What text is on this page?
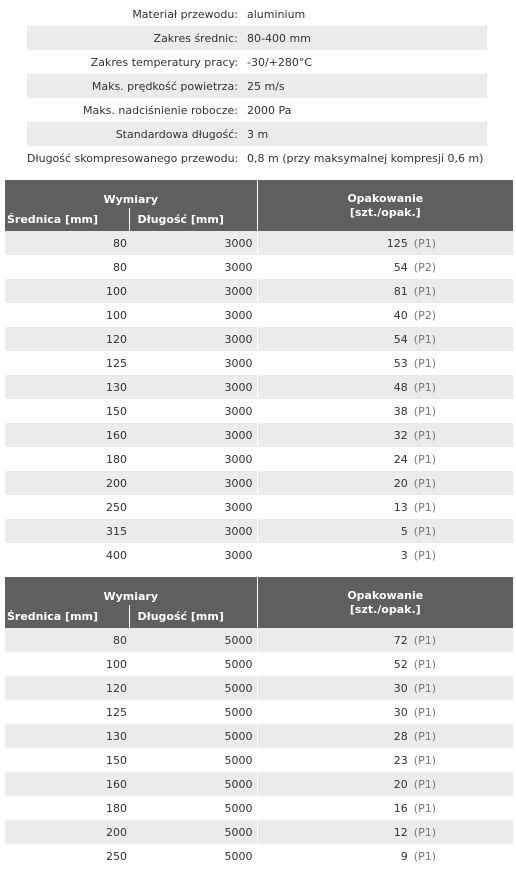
Materiał przewodu: aluminium
Zakres średnic: 80-400 mm
Zakres temperatury pracy: -30/+280°C
Maks. prędkość powietrza: 25 m/s
Maks. nadciśnienie robocze: 2000 Pa
Standardowa długość: 3 m
Długość skompresowanego przewodu: 0,8 m (przy maksymalnej kompresji 0,6 m)
Wymiary		Opakowanie
[szt./opak.]
Średnica [mm]	Długość [mm]	
80	3000	125 (P1)
80	3000	54 (P2)
100	3000	81 (P1)
100	3000	40 (P2)
120	3000	54 (P1)
125	3000	53 (P1)
130	3000	48 (P1)
150	3000	38 (P1)
160	3000	32 (P1)
180	3000	24 (P1)
200	3000	20 (P1)
250	3000	13 (P1)
315	3000	5 (P1)
400	3000	3 (P1)
Wymiary		Opakowanie
[szt./opak.]
Średnica [mm]	Długość [mm]	
80	5000	72 (P1)
100	5000	52 (P1)
120	5000	30 (P1)
125	5000	30 (P1)
130	5000	28 (P1)
150	5000	23 (P1)
160	5000	20 (P1)
180	5000	16 (P1)
200	5000	12 (P1)
250	5000	9 (P1)
